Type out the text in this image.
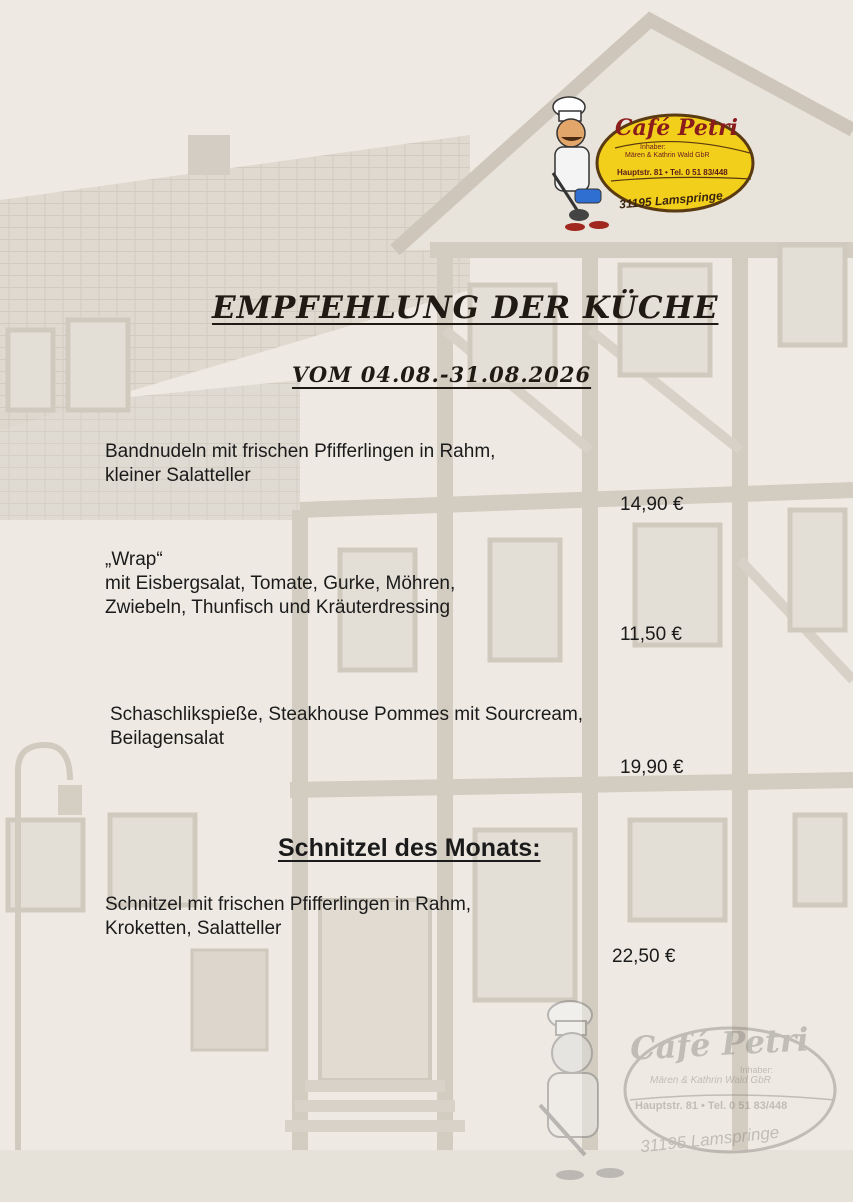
Café Petri
Inhaber:
Mären & Kathrin Wald GbR
Hauptstr. 81 • Tel. 0 51 83/448
31195 Lamspringe
EMPFEHLUNG DER KÜCHE
VOM 04.08.-31.08.2026
Bandnudeln mit frischen Pfifferlingen in Rahm,
kleiner Salatteller
14,90 €
„Wrap“
mit Eisbergsalat, Tomate, Gurke, Möhren,
Zwiebeln, Thunfisch und Kräuterdressing
11,50 €
Schaschlikspieße, Steakhouse Pommes mit Sourcream,
Beilagensalat
19,90 €
Schnitzel des Monats:
Schnitzel mit frischen Pfifferlingen in Rahm,
Kroketten, Salatteller
22,50 €
Café Petri
Inhaber:
Mären & Kathrin Wald GbR
Hauptstr. 81 • Tel. 0 51 83/448
31195 Lamspringe
